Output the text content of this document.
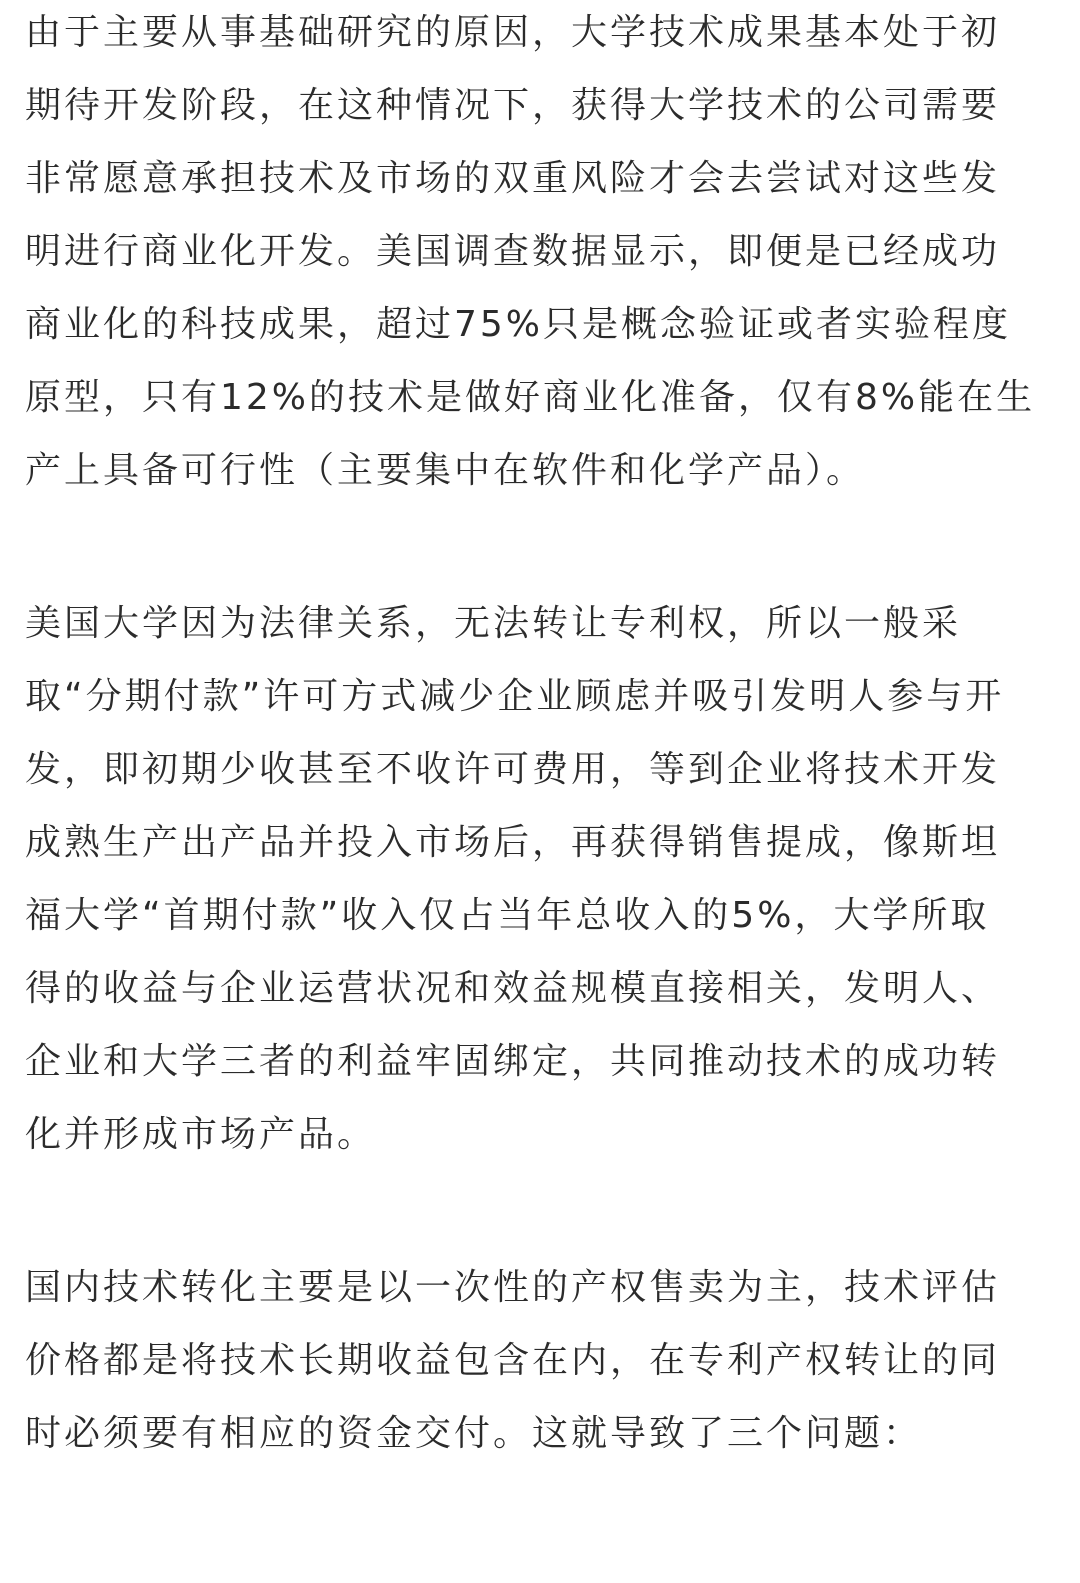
由于主要从事基础研究的原因，大学技术成果基本处于初
期待开发阶段，在这种情况下，获得大学技术的公司需要
非常愿意承担技术及市场的双重风险才会去尝试对这些发
明进行商业化开发。美国调查数据显示，即便是已经成功
商业化的科技成果，超过75%只是概念验证或者实验程度
原型，只有12%的技术是做好商业化准备，仅有8%能在生
产上具备可行性（主要集中在软件和化学产品）。
美国大学因为法律关系，无法转让专利权，所以一般采
取“分期付款”许可方式减少企业顾虑并吸引发明人参与开
发，即初期少收甚至不收许可费用，等到企业将技术开发
成熟生产出产品并投入市场后，再获得销售提成，像斯坦
福大学“首期付款”收入仅占当年总收入的5%，大学所取
得的收益与企业运营状况和效益规模直接相关，发明人、
企业和大学三者的利益牢固绑定，共同推动技术的成功转
化并形成市场产品。
国内技术转化主要是以一次性的产权售卖为主，技术评估
价格都是将技术长期收益包含在内，在专利产权转让的同
时必须要有相应的资金交付。这就导致了三个问题：
